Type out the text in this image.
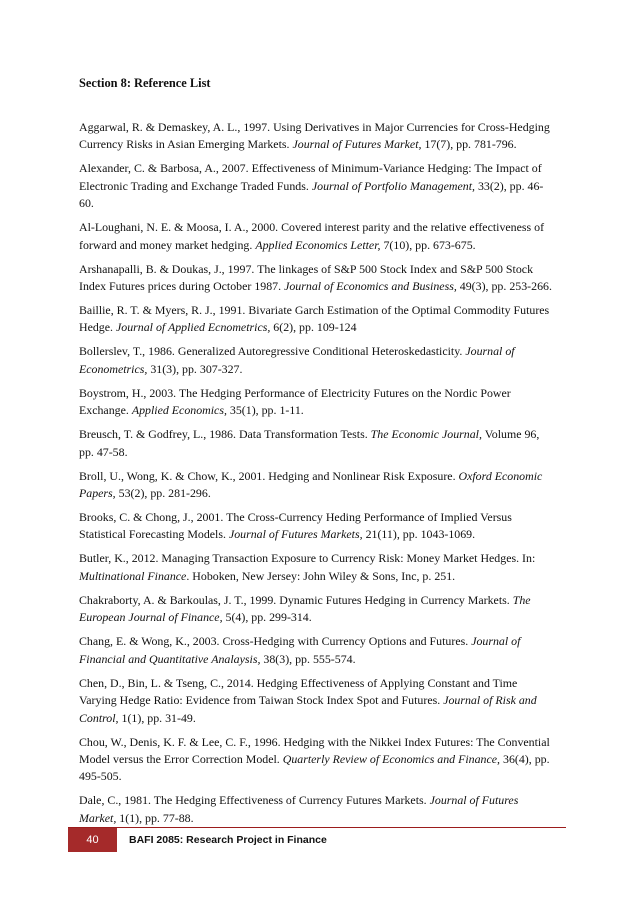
Section 8: Reference List

Aggarwal, R. & Demaskey, A. L., 1997. Using Derivatives in Major Currencies for Cross-Hedging Currency Risks in Asian Emerging Markets. Journal of Futures Market, 17(7), pp. 781-796.

Alexander, C. & Barbosa, A., 2007. Effectiveness of Minimum-Variance Hedging: The Impact of Electronic Trading and Exchange Traded Funds. Journal of Portfolio Management, 33(2), pp. 46-60.

Al-Loughani, N. E. & Moosa, I. A., 2000. Covered interest parity and the relative effectiveness of forward and money market hedging. Applied Economics Letter, 7(10), pp. 673-675.

Arshanapalli, B. & Doukas, J., 1997. The linkages of S&P 500 Stock Index and S&P 500 Stock Index Futures prices during October 1987. Journal of Economics and Business, 49(3), pp. 253-266.

Baillie, R. T. & Myers, R. J., 1991. Bivariate Garch Estimation of the Optimal Commodity Futures Hedge. Journal of Applied Ecnometrics, 6(2), pp. 109-124

Bollerslev, T., 1986. Generalized Autoregressive Conditional Heteroskedasticity. Journal of Econometrics, 31(3), pp. 307-327.

Boystrom, H., 2003. The Hedging Performance of Electricity Futures on the Nordic Power Exchange. Applied Economics, 35(1), pp. 1-11.

Breusch, T. & Godfrey, L., 1986. Data Transformation Tests. The Economic Journal, Volume 96, pp. 47-58.

Broll, U., Wong, K. & Chow, K., 2001. Hedging and Nonlinear Risk Exposure. Oxford Economic Papers, 53(2), pp. 281-296.

Brooks, C. & Chong, J., 2001. The Cross-Currency Heding Performance of Implied Versus Statistical Forecasting Models. Journal of Futures Markets, 21(11), pp. 1043-1069.

Butler, K., 2012. Managing Transaction Exposure to Currency Risk: Money Market Hedges. In: Multinational Finance. Hoboken, New Jersey: John Wiley & Sons, Inc, p. 251.

Chakraborty, A. & Barkoulas, J. T., 1999. Dynamic Futures Hedging in Currency Markets. The European Journal of Finance, 5(4), pp. 299-314.

Chang, E. & Wong, K., 2003. Cross-Hedging with Currency Options and Futures. Journal of Financial and Quantitative Analaysis, 38(3), pp. 555-574.

Chen, D., Bin, L. & Tseng, C., 2014. Hedging Effectiveness of Applying Constant and Time Varying Hedge Ratio: Evidence from Taiwan Stock Index Spot and Futures. Journal of Risk and Control, 1(1), pp. 31-49.

Chou, W., Denis, K. F. & Lee, C. F., 1996. Hedging with the Nikkei Index Futures: The Convential Model versus the Error Correction Model. Quarterly Review of Economics and Finance, 36(4), pp. 495-505.

Dale, C., 1981. The Hedging Effectiveness of Currency Futures Markets. Journal of Futures Market, 1(1), pp. 77-88.

40	BAFI 2085: Research Project in Finance
